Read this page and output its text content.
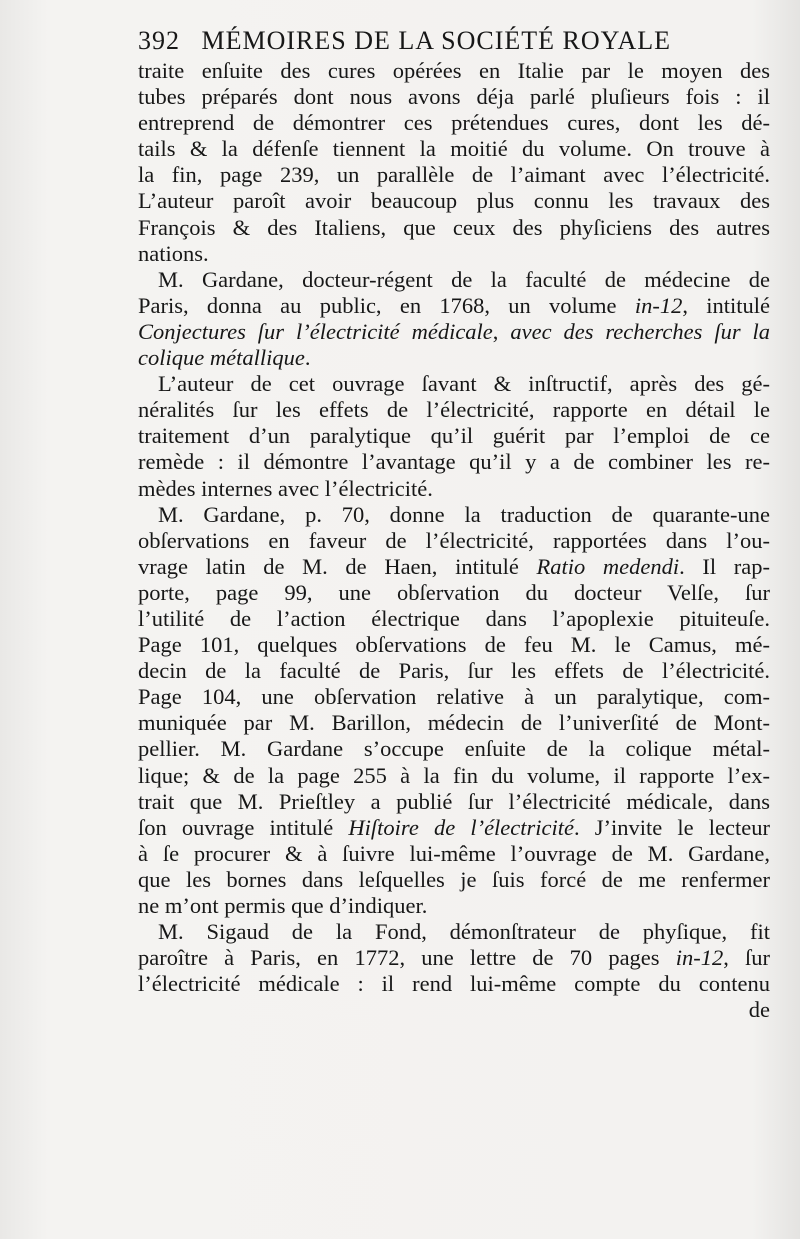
392 MÉMOIRES DE LA SOCIÉTÉ ROYALE
traite enſuite des cures opérées en Italie par le moyen des
tubes préparés dont nous avons déja parlé pluſieurs fois : il
entreprend de démontrer ces prétendues cures, dont les dé-
tails & la défenſe tiennent la moitié du volume. On trouve à
la fin, page 239, un parallèle de l’aimant avec l’électricité.
L’auteur paroît avoir beaucoup plus connu les travaux des
François & des Italiens, que ceux des phyſiciens des autres
nations.
M. Gardane, docteur-régent de la faculté de médecine de
Paris, donna au public, en 1768, un volume in-12, intitulé
Conjectures ſur l’électricité médicale, avec des recherches ſur la
colique métallique.
L’auteur de cet ouvrage ſavant & inſtructif, après des gé-
néralités ſur les effets de l’électricité, rapporte en détail le
traitement d’un paralytique qu’il guérit par l’emploi de ce
remède : il démontre l’avantage qu’il y a de combiner les re-
mèdes internes avec l’électricité.
M. Gardane, p. 70, donne la traduction de quarante-une
obſervations en faveur de l’électricité, rapportées dans l’ou-
vrage latin de M. de Haen, intitulé Ratio medendi. Il rap-
porte, page 99, une obſervation du docteur Velſe, ſur
l’utilité de l’action électrique dans l’apoplexie pituiteuſe.
Page 101, quelques obſervations de feu M. le Camus, mé-
decin de la faculté de Paris, ſur les effets de l’électricité.
Page 104, une obſervation relative à un paralytique, com-
muniquée par M. Barillon, médecin de l’univerſité de Mont-
pellier. M. Gardane s’occupe enſuite de la colique métal-
lique; & de la page 255 à la fin du volume, il rapporte l’ex-
trait que M. Prieſtley a publié ſur l’électricité médicale, dans
ſon ouvrage intitulé Hiſtoire de l’électricité. J’invite le lecteur
à ſe procurer & à ſuivre lui-même l’ouvrage de M. Gardane,
que les bornes dans leſquelles je ſuis forcé de me renfermer
ne m’ont permis que d’indiquer.
M. Sigaud de la Fond, démonſtrateur de phyſique, fit
paroître à Paris, en 1772, une lettre de 70 pages in-12, ſur
l’électricité médicale : il rend lui-même compte du contenu
de
